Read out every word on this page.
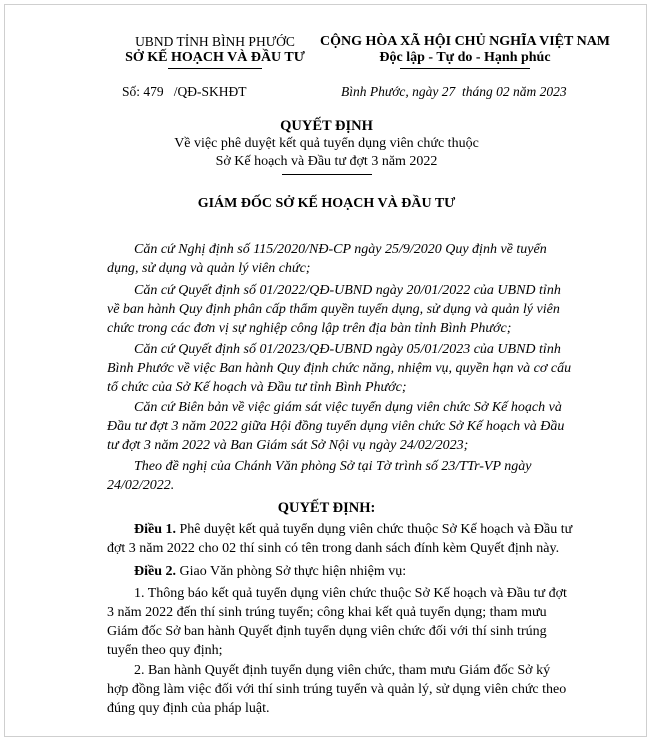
UBND TỈNH BÌNH PHƯỚC
SỞ KẾ HOẠCH VÀ ĐẦU TƯ
CỘNG HÒA XÃ HỘI CHỦ NGHĨA VIỆT NAM
Độc lập - Tự do - Hạnh phúc
Số: 479   /QĐ-SKHĐT	Bình Phước, ngày 27  tháng 02 năm 2023
QUYẾT ĐỊNH
Về việc phê duyệt kết quả tuyển dụng viên chức thuộc
Sở Kế hoạch và Đầu tư đợt 3 năm 2022
GIÁM ĐỐC SỞ KẾ HOẠCH VÀ ĐẦU TƯ
Căn cứ Nghị định số 115/2020/NĐ-CP ngày 25/9/2020 Quy định về tuyển
dụng, sử dụng và quản lý viên chức;
Căn cứ Quyết định số 01/2022/QĐ-UBND ngày 20/01/2022 của UBND tỉnh
về ban hành Quy định phân cấp thẩm quyền tuyển dụng, sử dụng và quản lý viên
chức trong các đơn vị sự nghiệp công lập trên địa bàn tỉnh Bình Phước;
Căn cứ Quyết định số 01/2023/QĐ-UBND ngày 05/01/2023 của UBND tỉnh
Bình Phước về việc Ban hành Quy định chức năng, nhiệm vụ, quyền hạn và cơ cấu
tổ chức của Sở Kế hoạch và Đầu tư tỉnh Bình Phước;
Căn cứ Biên bản về việc giám sát việc tuyển dụng viên chức Sở Kế hoạch và
Đầu tư đợt 3 năm 2022 giữa Hội đồng tuyển dụng viên chức Sở Kế hoạch và Đầu
tư đợt 3 năm 2022 và Ban Giám sát Sở Nội vụ ngày 24/02/2023;
Theo đề nghị của Chánh Văn phòng Sở tại Tờ trình số 23/TTr-VP ngày
24/02/2022.
QUYẾT ĐỊNH:
Điều 1. Phê duyệt kết quả tuyển dụng viên chức thuộc Sở Kế hoạch và Đầu tư
đợt 3 năm 2022 cho 02 thí sinh có tên trong danh sách đính kèm Quyết định này.
Điều 2. Giao Văn phòng Sở thực hiện nhiệm vụ:
1. Thông báo kết quả tuyển dụng viên chức thuộc Sở Kế hoạch và Đầu tư đợt
3 năm 2022 đến thí sinh trúng tuyển; công khai kết quả tuyển dụng; tham mưu
Giám đốc Sở ban hành Quyết định tuyển dụng viên chức đối với thí sinh trúng
tuyển theo quy định;
2. Ban hành Quyết định tuyển dụng viên chức, tham mưu Giám đốc Sở ký
hợp đồng làm việc đối với thí sinh trúng tuyển và quản lý, sử dụng viên chức theo
đúng quy định của pháp luật.
